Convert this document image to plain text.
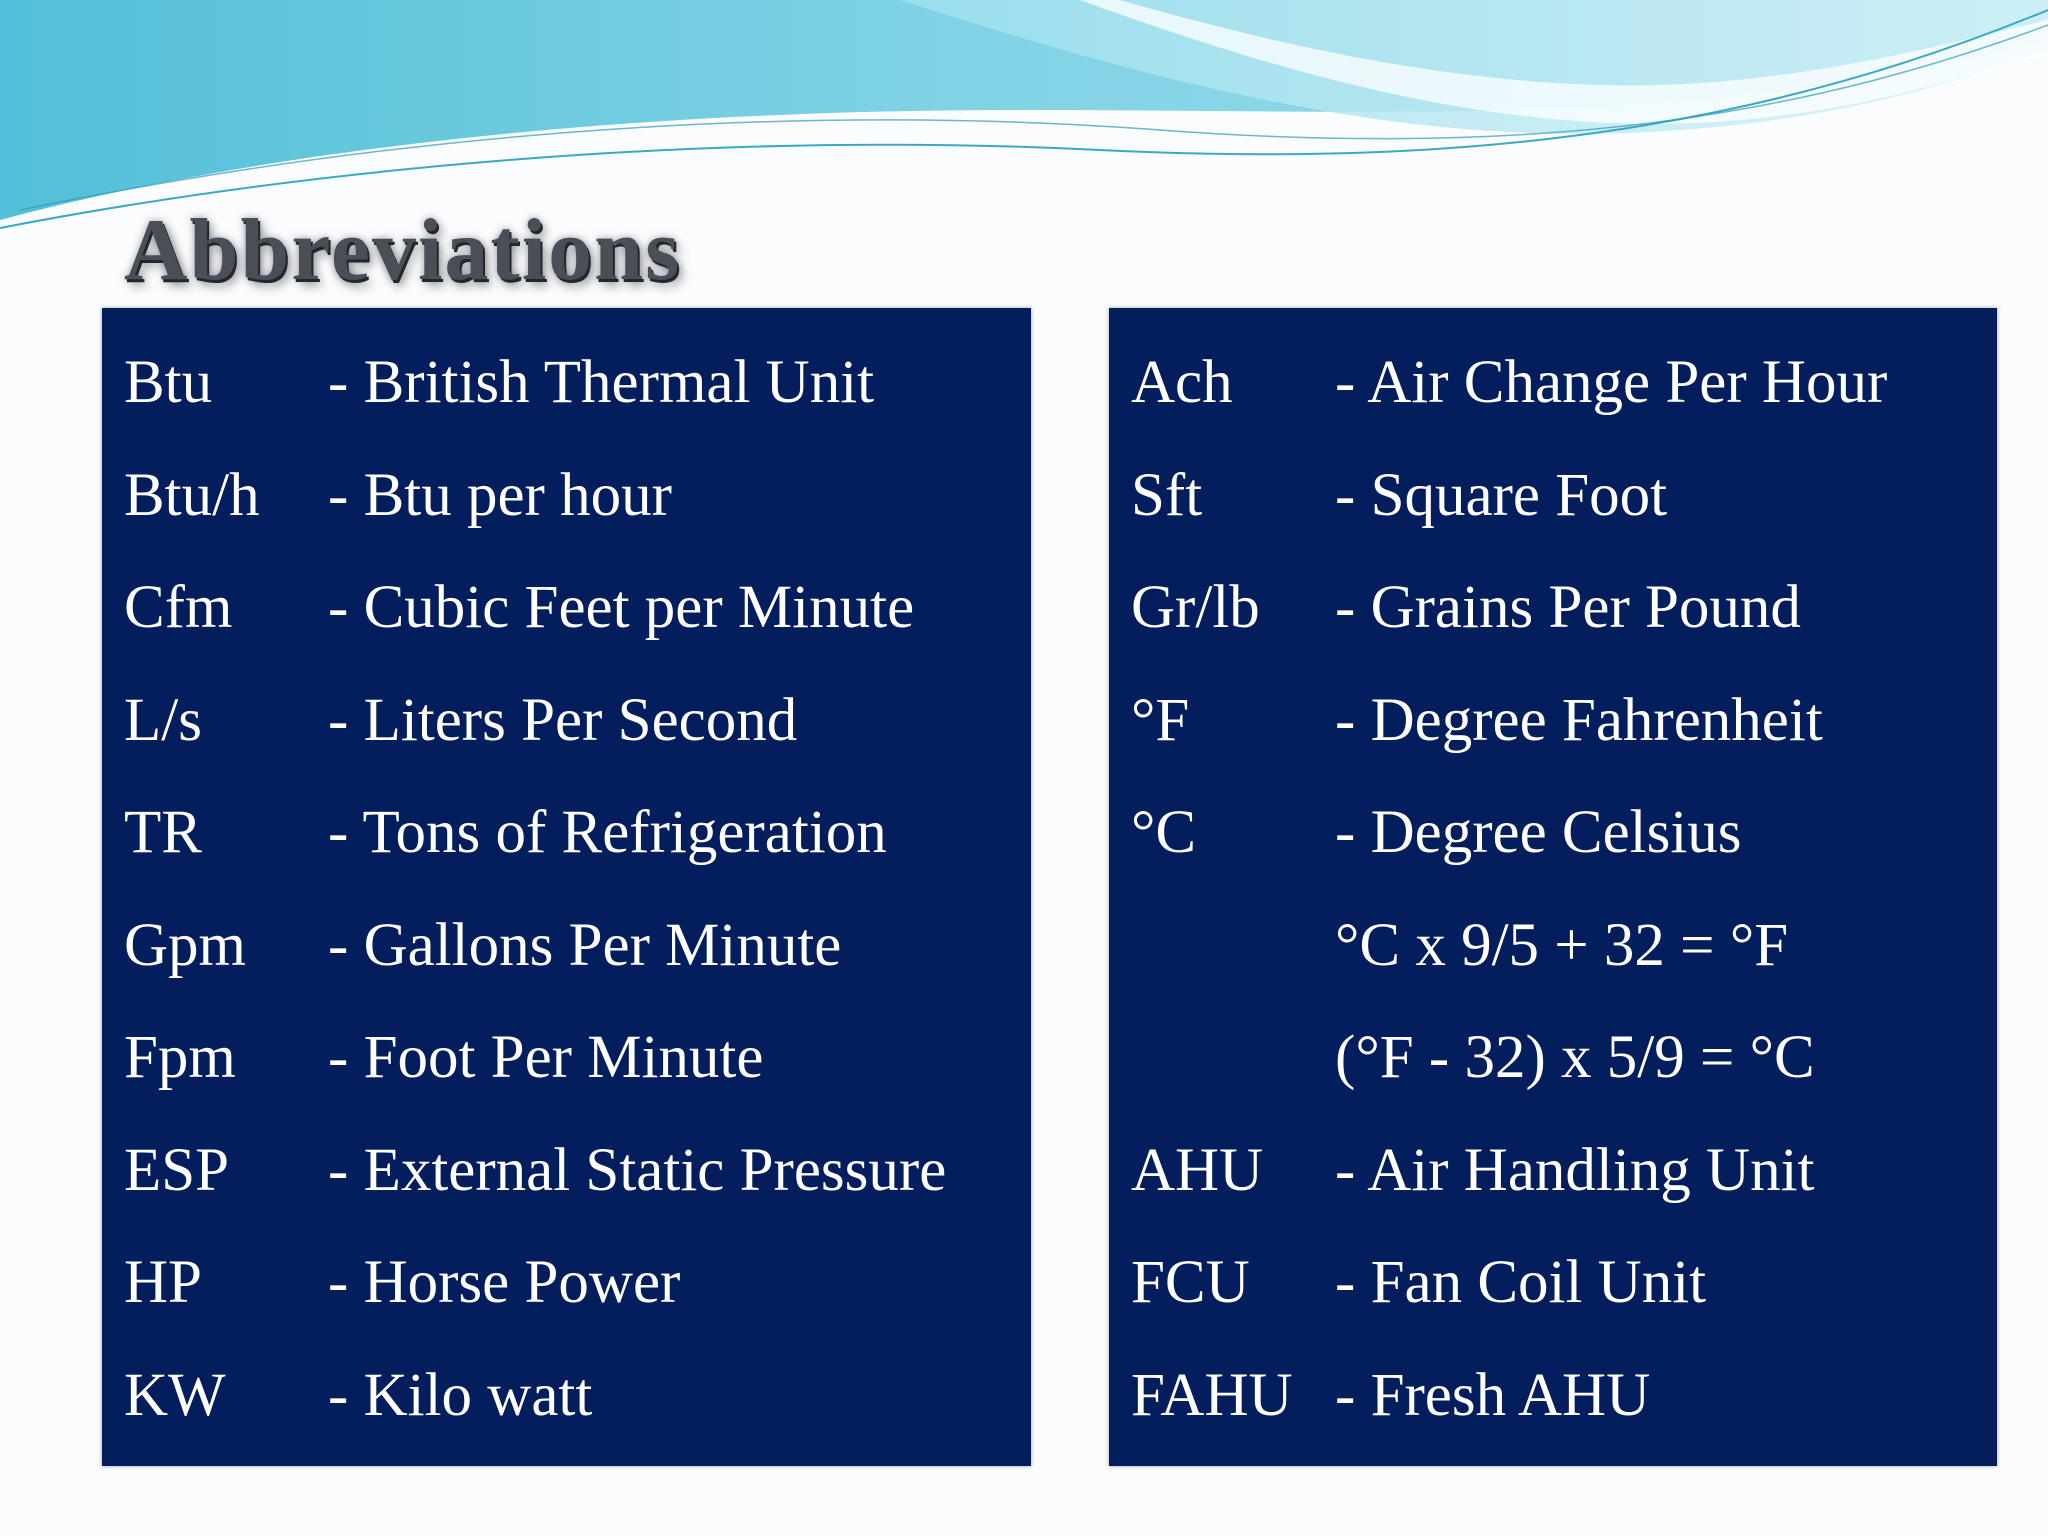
Abbreviations
Btu - British Thermal Unit
Btu/h - Btu per hour
Cfm - Cubic Feet per Minute
L/s - Liters Per Second
TR - Tons of Refrigeration
Gpm - Gallons Per Minute
Fpm - Foot Per Minute
ESP - External Static Pressure
HP - Horse Power
KW - Kilo watt
Ach - Air Change Per Hour
Sft - Square Foot
Gr/lb - Grains Per Pound
°F - Degree Fahrenheit
°C - Degree Celsius
°C x 9/5 + 32 = °F
(°F - 32) x 5/9 = °C
AHU - Air Handling Unit
FCU - Fan Coil Unit
FAHU - Fresh AHU
